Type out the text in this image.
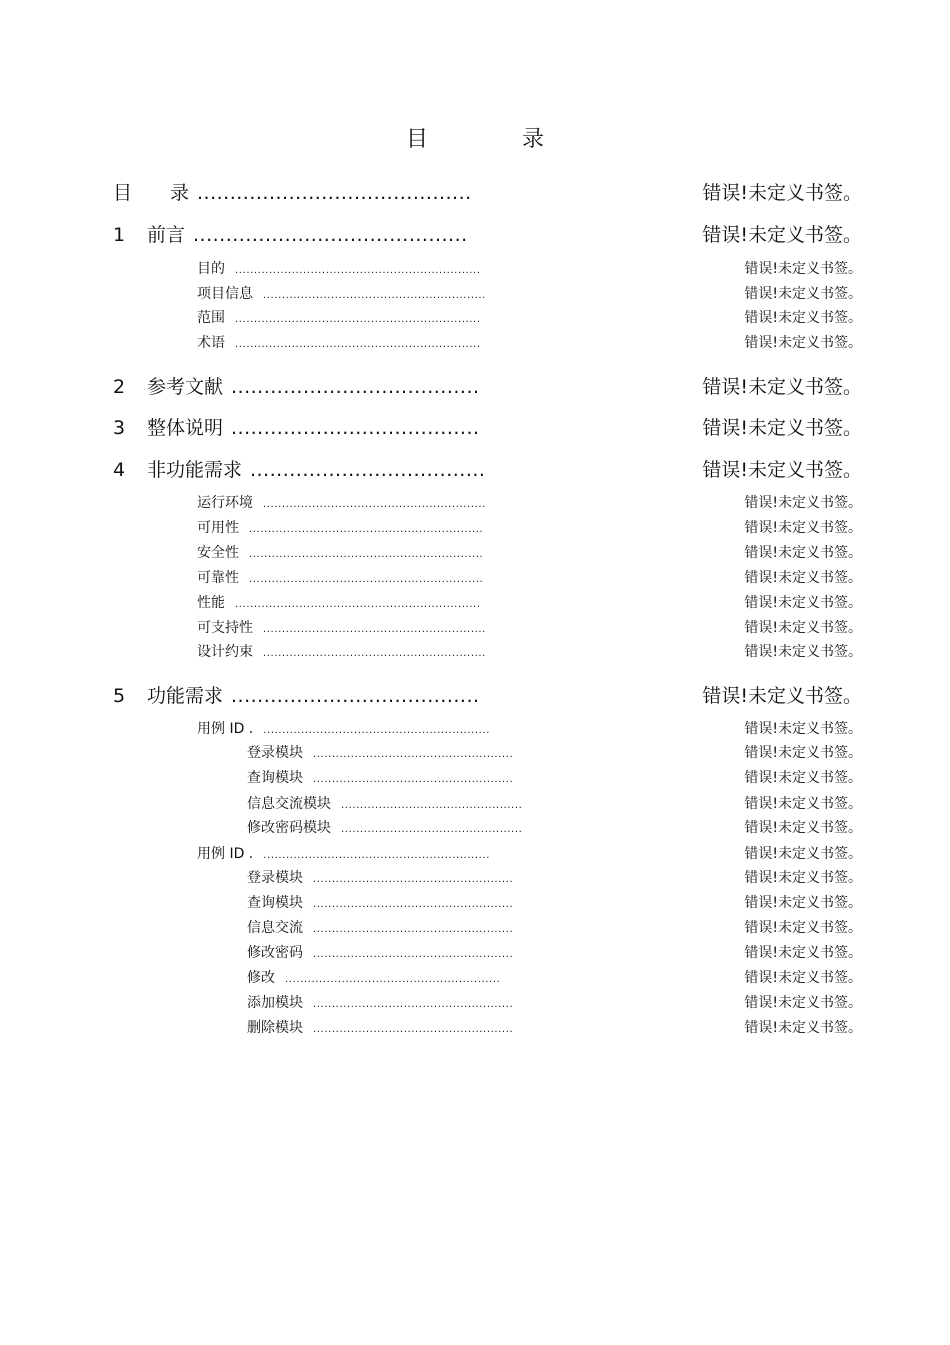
目　录
目　　录 ..........................................	错误!未定义书签。
1 前言 ..........................................	错误!未定义书签。
目的 .................................................................	错误!未定义书签。
项目信息 ...........................................................	错误!未定义书签。
范围 .................................................................	错误!未定义书签。
术语 .................................................................	错误!未定义书签。
2 参考文献 ......................................	错误!未定义书签。
3 整体说明 ......................................	错误!未定义书签。
4 非功能需求 ....................................	错误!未定义书签。
运行环境 ...........................................................	错误!未定义书签。
可用性 ..............................................................	错误!未定义书签。
安全性 ..............................................................	错误!未定义书签。
可靠性 ..............................................................	错误!未定义书签。
性能 .................................................................	错误!未定义书签。
可支持性 ...........................................................	错误!未定义书签。
设计约束 ...........................................................	错误!未定义书签。
5 功能需求 ......................................	错误!未定义书签。
用例 ID . ............................................................	错误!未定义书签。
登录模块 .....................................................	错误!未定义书签。
查询模块 .....................................................	错误!未定义书签。
信息交流模块 ................................................	错误!未定义书签。
修改密码模块 ................................................	错误!未定义书签。
用例 ID . ............................................................	错误!未定义书签。
登录模块 .....................................................	错误!未定义书签。
查询模块 .....................................................	错误!未定义书签。
信息交流 .....................................................	错误!未定义书签。
修改密码 .....................................................	错误!未定义书签。
修改 .........................................................	错误!未定义书签。
添加模块 .....................................................	错误!未定义书签。
删除模块 .....................................................	错误!未定义书签。
